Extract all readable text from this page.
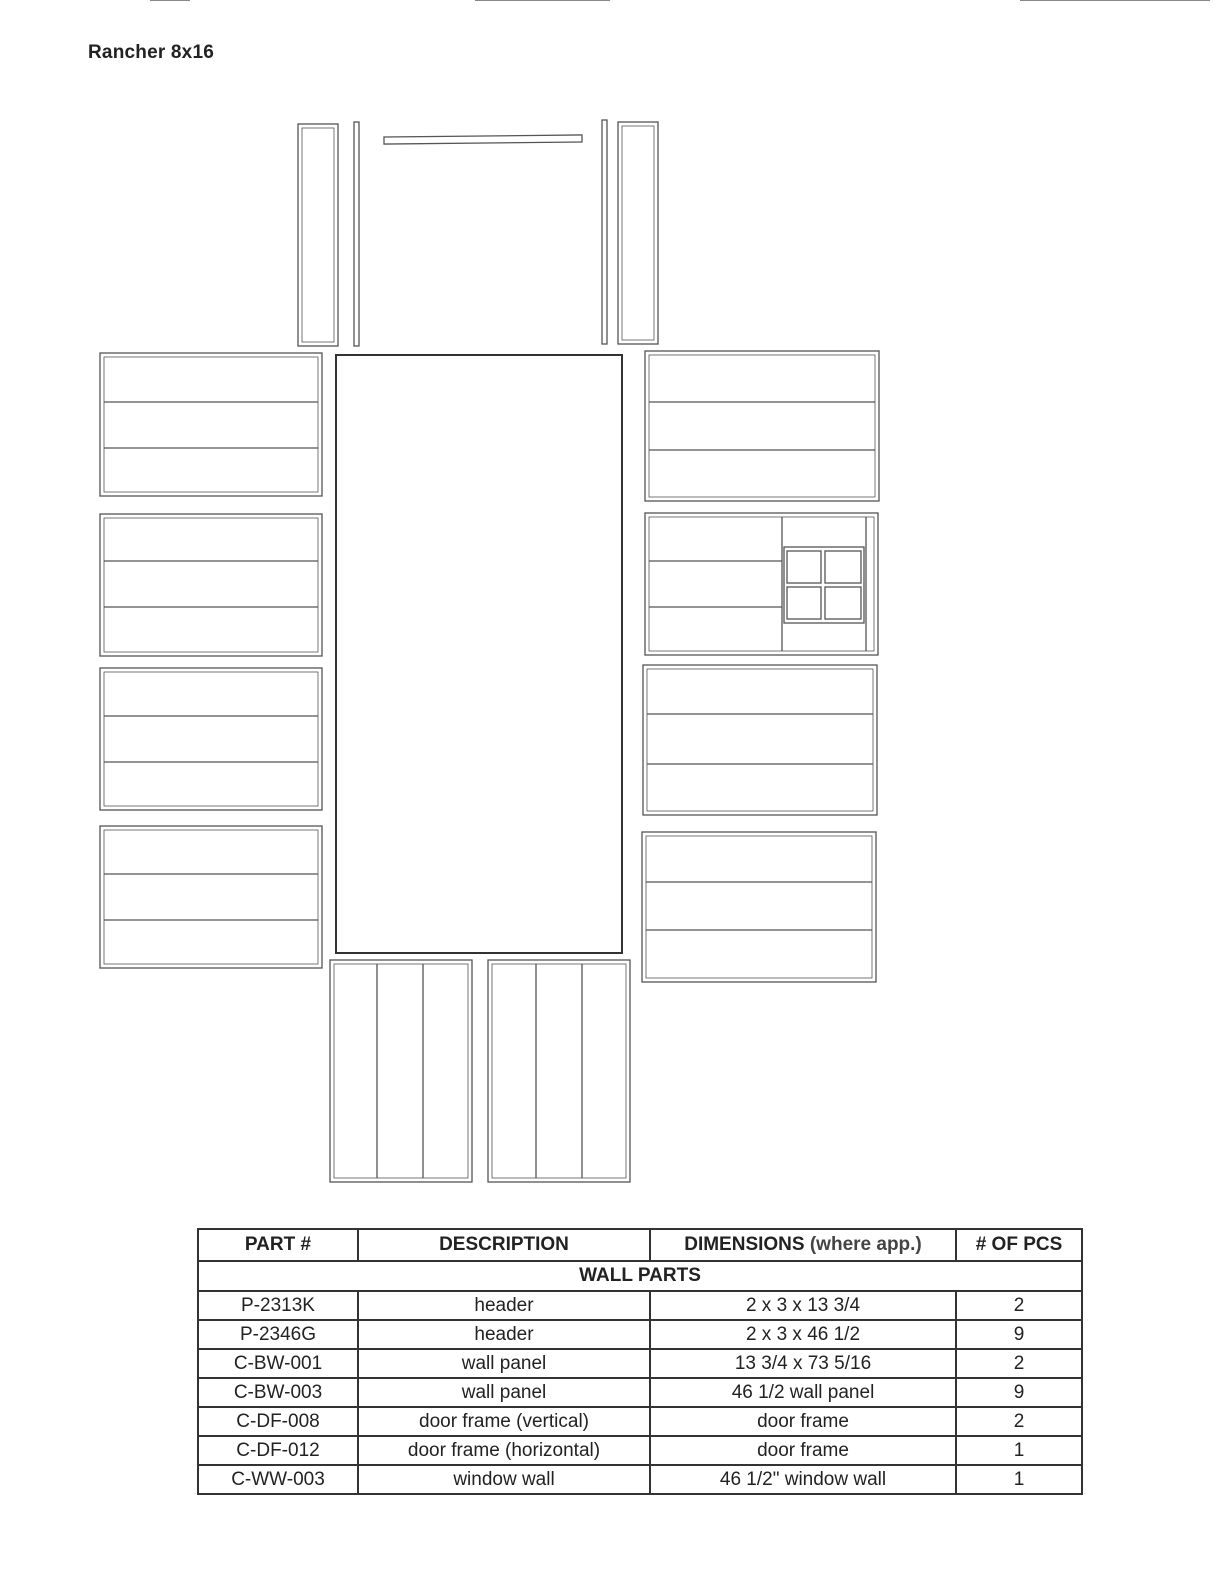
Rancher 8x16
PART #	DESCRIPTION	DIMENSIONS (where app.)	# OF PCS
WALL PARTS			
P-2313K	header	2 x 3 x 13 3/4	2
P-2346G	header	2 x 3 x 46 1/2	9
C-BW-001	wall panel	13 3/4 x 73 5/16	2
C-BW-003	wall panel	46 1/2 wall panel	9
C-DF-008	door frame (vertical)	door frame	2
C-DF-012	door frame (horizontal)	door frame	1
C-WW-003	window wall	46 1/2" window wall	1
